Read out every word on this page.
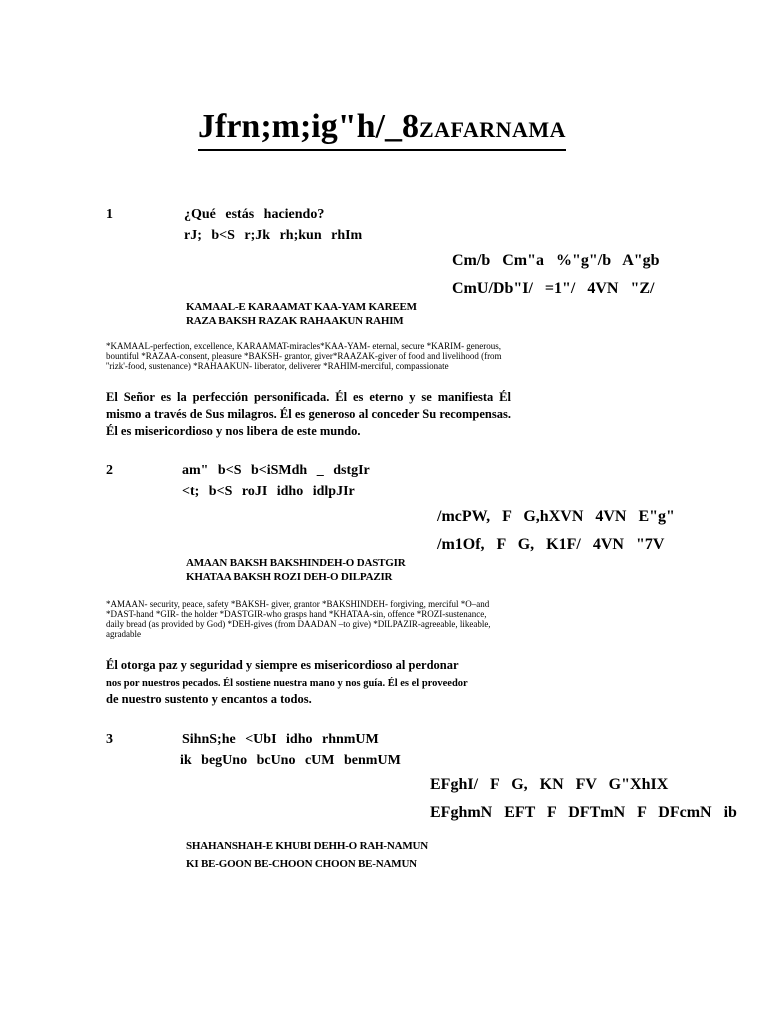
Jfrn;m;ig"h/_8ZAFARNAMA
1	¿Qué estás haciendo?
rJ; b<S r;Jk rh;kun rhIm
Cm/b Cm"a %"g"/b A"gb
CmU/Db"I/ =1"/ 4VN "Z/
KAMAAL-E KARAAMAT KAA-YAM KAREEM
RAZA BAKSH RAZAK RAHAAKUN RAHIM
*KAMAAL-perfection, excellence, KARAAMAT-miracles*KAA-YAM- eternal, secure *KARIM- generous, bountiful *RAZAA-consent, pleasure *BAKSH- grantor, giver*RAAZAK-giver of food and livelihood (from ''rizk'-food, sustenance) *RAHAAKUN- liberator, deliverer *RAHIM-merciful, compassionate
El Señor es la perfección personificada. Él es eterno y se manifiesta Él mismo a través de Sus milagros. Él es generoso al conceder Su recompensas. Él es misericordioso y nos libera de este mundo.
2	am" b<S b<iSMdh _ dstgIr
<t; b<S roJI idho idlpJIr
/mcPW, F G,hXVN 4VN E"g"
/m1Of, F G, K1F/ 4VN "7V
AMAAN BAKSH BAKSHINDEH-O DASTGIR
KHATAA BAKSH ROZI DEH-O DILPAZIR
*AMAAN- security, peace, safety *BAKSH- giver, grantor *BAKSHINDEH- forgiving, merciful *O–and *DAST-hand *GIR- the holder *DASTGIR-who grasps hand *KHATAA-sin, offence *ROZI-sustenance, daily bread (as provided by God) *DEH-gives (from DAADAN –to give) *DILPAZIR-agreeable, likeable, agradable
Él otorga paz y seguridad y siempre es misericordioso al perdonar
nos por nuestros pecados. Él sostiene nuestra mano y nos guía. Él es el proveedor
de nuestro sustento y encantos a todos.
3	SihnS;he <UbI idho rhnmUM
ik begUno bcUno cUM benmUM
EFghI/ F G, KN FV G"XhIX
EFghmN EFT F DFTmN F DFcmN ib
SHAHANSHAH-E KHUBI DEHH-O RAH-NAMUN
KI BE-GOON BE-CHOON CHOON BE-NAMUN
